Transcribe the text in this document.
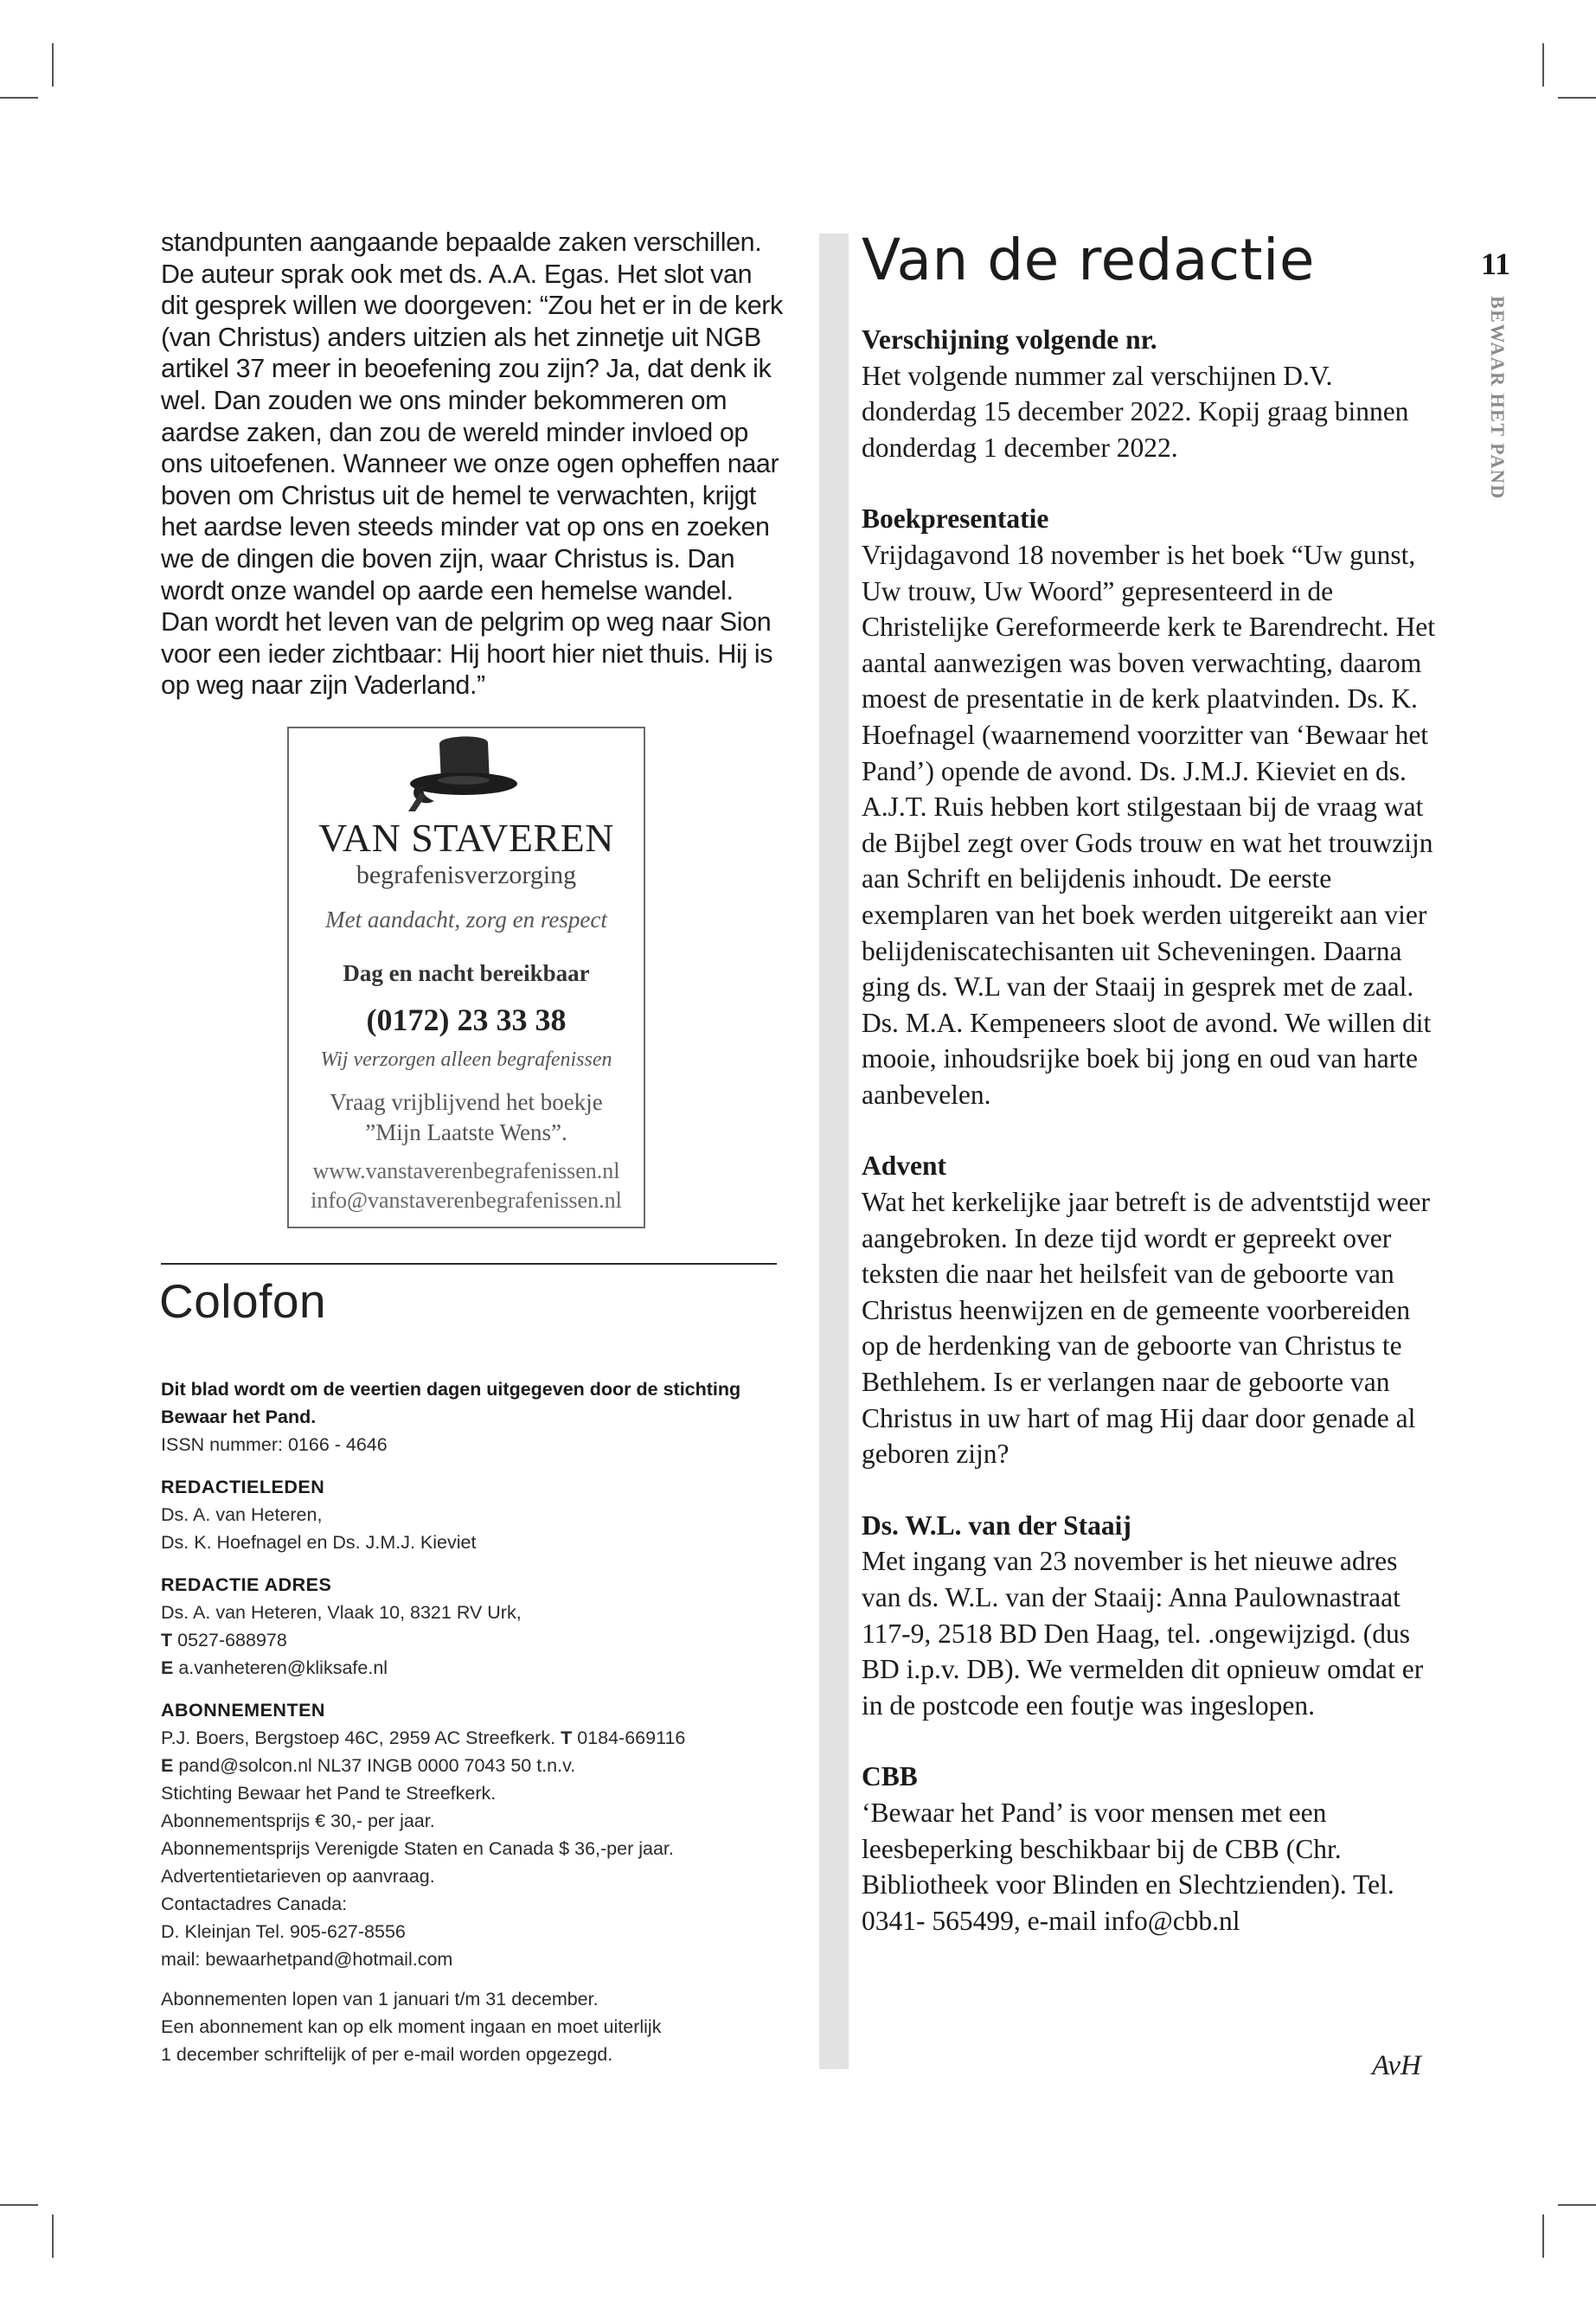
standpunten aangaande bepaalde zaken verschillen. De auteur sprak ook met ds. A.A. Egas. Het slot van dit gesprek willen we doorgeven: “Zou het er in de kerk (van Christus) anders uitzien als het zinnetje uit NGB artikel 37 meer in beoefening zou zijn? Ja, dat denk ik wel. Dan zouden we ons minder bekommeren om aardse zaken, dan zou de wereld minder invloed op ons uitoefenen. Wanneer we onze ogen opheffen naar boven om Christus uit de hemel te verwachten, krijgt het aardse leven steeds minder vat op ons en zoeken we de dingen die boven zijn, waar Christus is. Dan wordt onze wandel op aarde een hemelse wandel. Dan wordt het leven van de pelgrim op weg naar Sion voor een ieder zichtbaar: Hij hoort hier niet thuis. Hij is op weg naar zijn Vaderland.”
VAN STAVEREN
begrafenisverzorging
Met aandacht, zorg en respect
Dag en nacht bereikbaar
(0172) 23 33 38
Wij verzorgen alleen begrafenissen
Vraag vrijblijvend het boekje
”Mijn Laatste Wens”.
www.vanstaverenbegrafenissen.nl
info@vanstaverenbegrafenissen.nl
Colofon
Dit blad wordt om de veertien dagen uitgegeven door de stichting Bewaar het Pand.
ISSN nummer: 0166 - 4646
REDACTIELEDEN
Ds. A. van Heteren,
Ds. K. Hoefnagel en Ds. J.M.J. Kieviet
REDACTIE ADRES
Ds. A. van Heteren, Vlaak 10, 8321 RV Urk,
T 0527-688978
E a.vanheteren@kliksafe.nl
ABONNEMENTEN
P.J. Boers, Bergstoep 46C, 2959 AC Streefkerk. T 0184-669116
E pand@solcon.nl NL37 INGB 0000 7043 50 t.n.v.
Stichting Bewaar het Pand te Streefkerk.
Abonnementsprijs € 30,- per jaar.
Abonnementsprijs Verenigde Staten en Canada $ 36,-per jaar.
Advertentietarieven op aanvraag.
Contactadres Canada:
D. Kleinjan Tel. 905-627-8556
mail: bewaarhetpand@hotmail.com
Abonnementen lopen van 1 januari t/m 31 december.
Een abonnement kan op elk moment ingaan en moet uiterlijk
1 december schriftelijk of per e-mail worden opgezegd.
Van de redactie
Verschijning volgende nr.

Het volgende nummer zal verschijnen D.V. donderdag 15 december 2022. Kopij graag binnen donderdag 1 december 2022.

Boekpresentatie

Vrijdagavond 18 november is het boek “Uw gunst, Uw trouw, Uw Woord” gepresenteerd in de Christelijke Gereformeerde kerk te Barendrecht. Het aantal aanwezigen was boven verwachting, daarom moest de presentatie in de kerk plaatvinden. Ds. K. Hoefnagel (waarnemend voorzitter van ‘Bewaar het Pand’) opende de avond. Ds. J.M.J. Kieviet en ds. A.J.T. Ruis hebben kort stilgestaan bij de vraag wat de Bijbel zegt over Gods trouw en wat het trouwzijn aan Schrift en belijdenis inhoudt. De eerste exemplaren van het boek werden uitgereikt aan vier belijdeniscatechisanten uit Scheveningen. Daarna ging ds. W.L van der Staaij in gesprek met de zaal. Ds. M.A. Kempeneers sloot de avond. We willen dit mooie, inhoudsrijke boek bij jong en oud van harte aanbevelen.

Advent

Wat het kerkelijke jaar betreft is de adventstijd weer aangebroken. In deze tijd wordt er gepreekt over teksten die naar het heilsfeit van de geboorte van Christus heenwijzen en de gemeente voorbereiden op de herdenking van de geboorte van Christus te Bethlehem. Is er verlangen naar de geboorte van Christus in uw hart of mag Hij daar door genade al geboren zijn?

Ds. W.L. van der Staaij

Met ingang van 23 november is het nieuwe adres van ds. W.L. van der Staaij: Anna Paulownastraat 117-9, 2518 BD Den Haag, tel. .ongewijzigd. (dus BD i.p.v. DB). We vermelden dit opnieuw omdat er in de postcode een foutje was ingeslopen.

CBB

‘Bewaar het Pand’ is voor mensen met een leesbeperking beschikbaar bij de CBB (Chr. Bibliotheek voor Blinden en Slechtzienden). Tel. 0341- 565499, e-mail info@cbb.nl

AvH
11
BEWAAR HET PAND
